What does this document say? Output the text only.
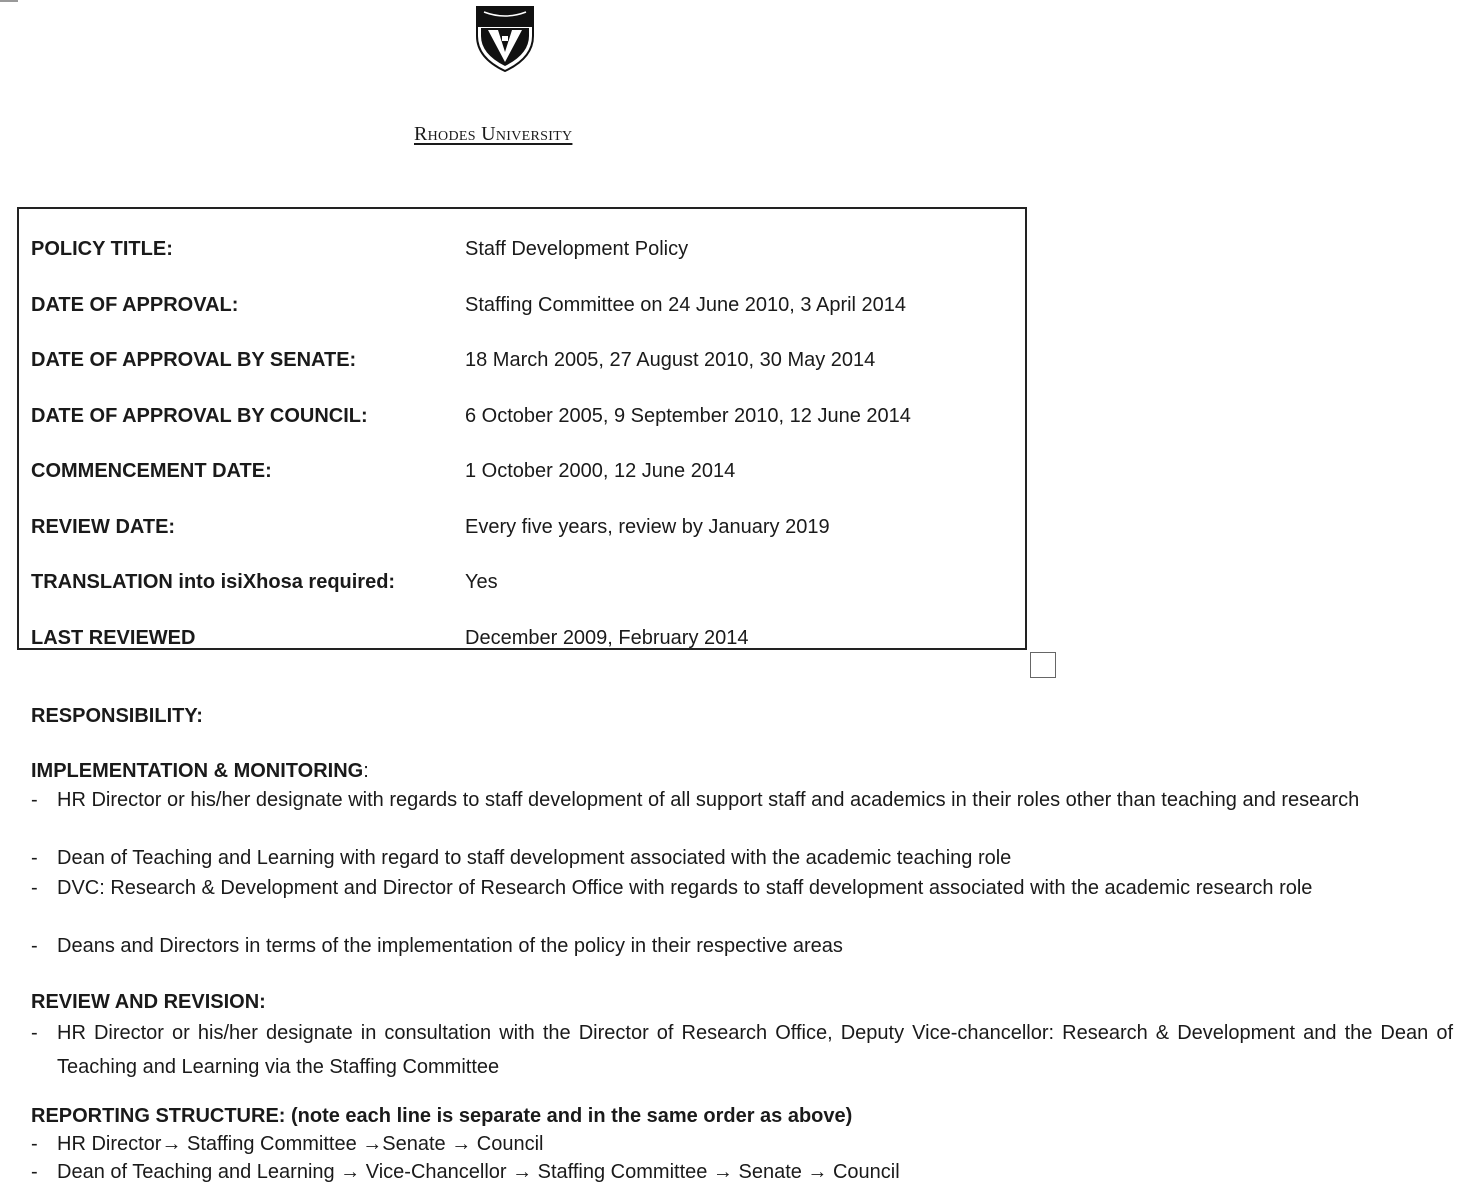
Rhodes University
POLICY TITLE:	Staff Development Policy
DATE OF APPROVAL:	Staffing Committee on 24 June 2010, 3 April 2014
DATE OF APPROVAL BY SENATE:	18 March 2005, 27 August 2010, 30 May 2014
DATE OF APPROVAL BY COUNCIL:	6 October 2005, 9 September 2010, 12 June 2014
COMMENCEMENT DATE:	1 October 2000, 12 June 2014
REVIEW DATE:	Every five years, review by January 2019
TRANSLATION into isiXhosa required:	Yes
LAST REVIEWED	December 2009, February 2014
RESPONSIBILITY:
IMPLEMENTATION & MONITORING:
- HR Director or his/her designate with regards to staff development of all support staff and academics in their roles other than teaching and research
- Dean of Teaching and Learning with regard to staff development associated with the academic teaching role
- DVC: Research & Development and Director of Research Office with regards to staff development associated with the academic research role
- Deans and Directors in terms of the implementation of the policy in their respective areas
REVIEW AND REVISION:
- HR Director or his/her designate in consultation with the Director of Research Office, Deputy Vice-chancellor: Research & Development and the Dean of Teaching and Learning via the Staffing Committee
REPORTING STRUCTURE: (note each line is separate and in the same order as above)
- HR Director→ Staffing Committee →Senate → Council
- Dean of Teaching and Learning → Vice-Chancellor → Staffing Committee → Senate → Council
